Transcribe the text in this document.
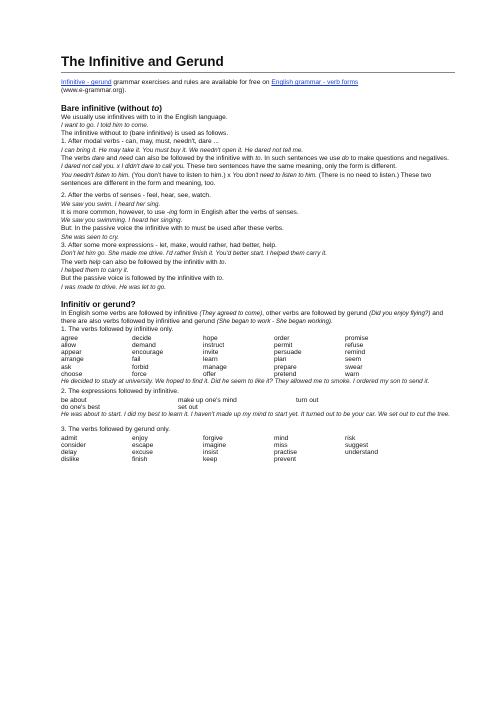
The Infinitive and Gerund

Infinitive - gerund grammar exercises and rules are available for free on English grammar - verb forms
(www.e-grammar.org).

Bare infinitive (without to)

We usually use infinitives with to in the English language.

I want to go. I told him to come.

The infinitive without to (bare infinitive) is used as follows.

1. After modal verbs - can, may, must, needn't, dare ...

I can bring it. He may take it. You must buy it. We needn't open it. He dared not tell me.

The verbs dare and need can also be followed by the infinitive with to. In such sentences we use do to make questions and negatives.

I dared not call you. x I didn't dare to call you. These two sentences have the same meaning, only the form is different.

You needn't listen to him. (You don't have to listen to him.) x You don't need to listen to him. (There is no need to listen.) These two sentences are different in the form and meaning, too.

2. After the verbs of senses - feel, hear, see, watch.

We saw you swim. I heard her sing.

It is more common, however, to use -ing form in English after the verbs of senses.

We saw you swimming. I heard her singing.

But: In the passive voice the infinitive with to must be used after these verbs.

She was seen to cry.

3. After some more expressions - let, make, would rather, had better, help.

Don't let him go. She made me drive. I'd rather finish it. You'd better start. I helped them carry it.

The verb help can also be followed by the infinitiv with to.

I helped them to carry it.

But the passive voice is followed by the infinitive with to.

I was made to drive. He was let to go.

Infinitiv or gerund?

In English some verbs are followed by infinitive (They agreed to come), other verbs are followed by gerund (Did you enjoy flying?) and there are also verbs followed by infinitive and gerund (She began to work - She began working).

1. The verbs followed by infinitive only.

agree	decide	hope	order	promise
allow	demand	instruct	permit	refuse
appear	encourage	invite	persuade	remind
arrange	fail	learn	plan	seem
ask	forbid	manage	prepare	swear
choose	force	offer	pretend	warn

He decided to study at university. We hoped to find it. Did he seem to like it? They allowed me to smoke. I ordered my son to send it.

2. The expressions followed by infinitive.

be about	make up one's mind	turn out
do one's best	set out	

He was about to start. I did my best to learn it. I haven't made up my mind to start yet. It turned out to be your car. We set out to cut the tree.

3. The verbs followed by gerund only.

admit	enjoy	forgive	mind	risk
consider	escape	imagine	miss	suggest
delay	excuse	insist	practise	understand
dislike	finish	keep	prevent	
